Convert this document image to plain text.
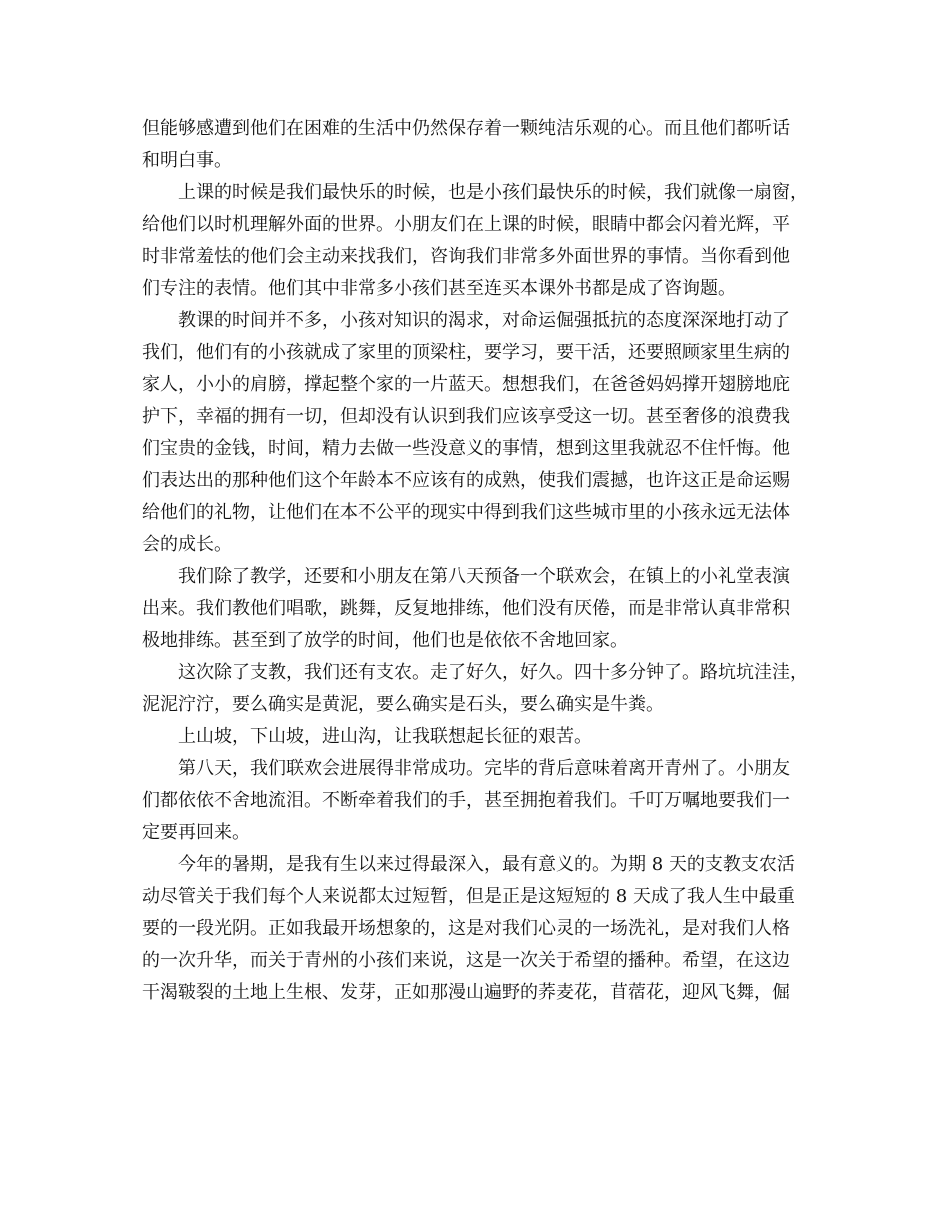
但能够感遭到他们在困难的生活中仍然保存着一颗纯洁乐观的心。而且他们都听话
和明白事。
上课的时候是我们最快乐的时候，也是小孩们最快乐的时候，我们就像一扇窗，
给他们以时机理解外面的世界。小朋友们在上课的时候，眼睛中都会闪着光辉，平
时非常羞怯的他们会主动来找我们，咨询我们非常多外面世界的事情。当你看到他
们专注的表情。他们其中非常多小孩们甚至连买本课外书都是成了咨询题。
教课的时间并不多，小孩对知识的渴求，对命运倔强抵抗的态度深深地打动了
我们，他们有的小孩就成了家里的顶梁柱，要学习，要干活，还要照顾家里生病的
家人，小小的肩膀，撑起整个家的一片蓝天。想想我们，在爸爸妈妈撑开翅膀地庇
护下，幸福的拥有一切，但却没有认识到我们应该享受这一切。甚至奢侈的浪费我
们宝贵的金钱，时间，精力去做一些没意义的事情，想到这里我就忍不住忏悔。他
们表达出的那种他们这个年龄本不应该有的成熟，使我们震撼，也许这正是命运赐
给他们的礼物，让他们在本不公平的现实中得到我们这些城市里的小孩永远无法体
会的成长。
我们除了教学，还要和小朋友在第八天预备一个联欢会，在镇上的小礼堂表演
出来。我们教他们唱歌，跳舞，反复地排练，他们没有厌倦，而是非常认真非常积
极地排练。甚至到了放学的时间，他们也是依依不舍地回家。
这次除了支教，我们还有支农。走了好久，好久。四十多分钟了。路坑坑洼洼，
泥泥泞泞，要么确实是黄泥，要么确实是石头，要么确实是牛粪。
上山坡，下山坡，进山沟，让我联想起长征的艰苦。
第八天，我们联欢会进展得非常成功。完毕的背后意味着离开青州了。小朋友
们都依依不舍地流泪。不断牵着我们的手，甚至拥抱着我们。千叮万嘱地要我们一
定要再回来。
今年的暑期，是我有生以来过得最深入，最有意义的。为期 8 天的支教支农活
动尽管关于我们每个人来说都太过短暂，但是正是这短短的 8 天成了我人生中最重
要的一段光阴。正如我最开场想象的，这是对我们心灵的一场洗礼，是对我们人格
的一次升华，而关于青州的小孩们来说，这是一次关于希望的播种。希望，在这边
干渴皲裂的土地上生根、发芽，正如那漫山遍野的荞麦花，苜蓿花，迎风飞舞，倔
